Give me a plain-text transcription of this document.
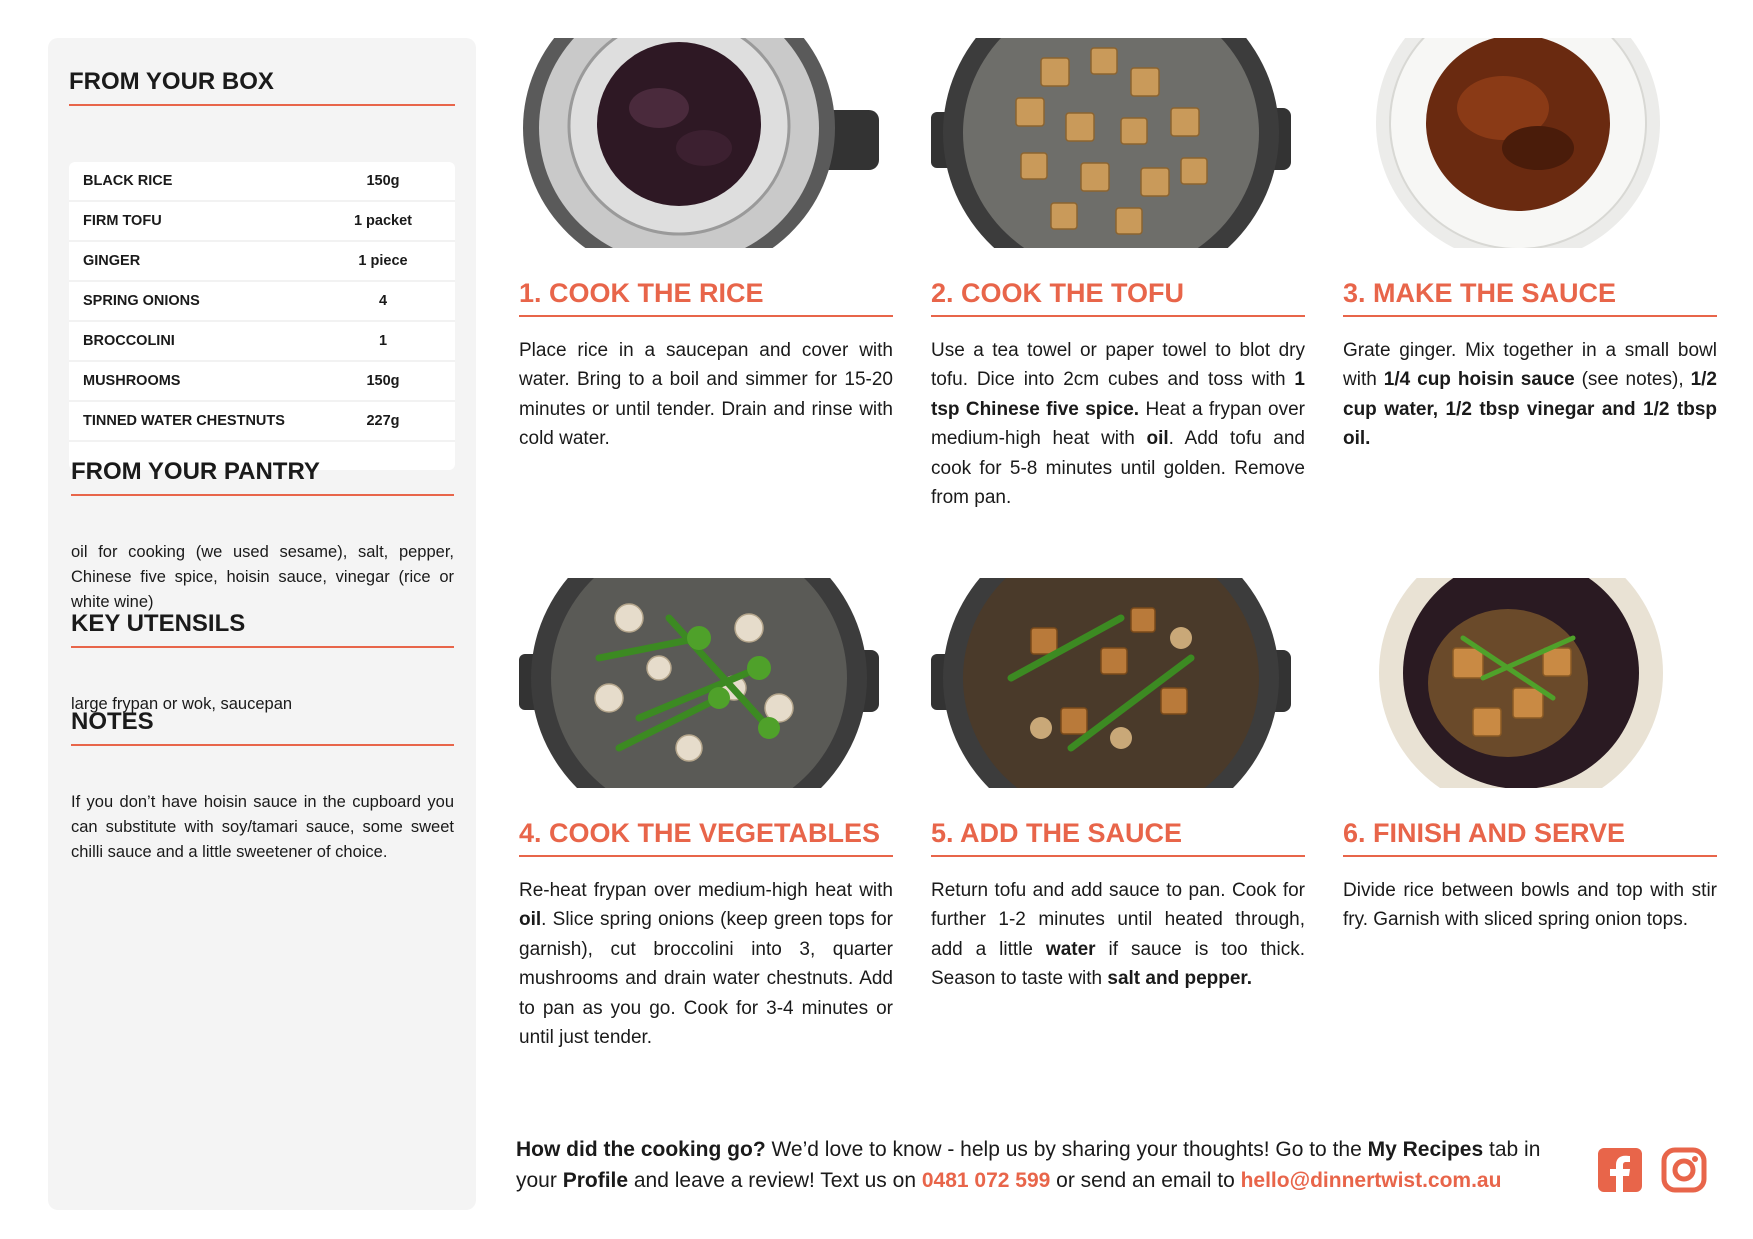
FROM YOUR BOX
BLACK RICE	150g
FIRM TOFU	1 packet
GINGER	1 piece
SPRING ONIONS	4
BROCCOLINI	1
MUSHROOMS	150g
TINNED WATER CHESTNUTS	227g
FROM YOUR PANTRY

oil for cooking (we used sesame), salt, pepper, Chinese five spice, hoisin sauce, vinegar (rice or white wine)

KEY UTENSILS

large frypan or wok, saucepan

NOTES

If you don’t have hoisin sauce in the cupboard you can substitute with soy/tamari sauce, some sweet chilli sauce and a little sweetener of choice.

1. COOK THE RICE

Place rice in a saucepan and cover with water. Bring to a boil and simmer for 15-20 minutes or until tender. Drain and rinse with cold water.

2. COOK THE TOFU

Use a tea towel or paper towel to blot dry tofu. Dice into 2cm cubes and toss with 1 tsp Chinese five spice. Heat a frypan over medium-high heat with oil. Add tofu and cook for 5-8 minutes until golden. Remove from pan.

3. MAKE THE SAUCE

Grate ginger. Mix together in a small bowl with 1/4 cup hoisin sauce (see notes), 1/2 cup water, 1/2 tbsp vinegar and 1/2 tbsp oil.

4. COOK THE VEGETABLES

Re-heat frypan over medium-high heat with oil. Slice spring onions (keep green tops for garnish), cut broccolini into 3, quarter mushrooms and drain water chestnuts. Add to pan as you go. Cook for 3-4 minutes or until just tender.

5. ADD THE SAUCE

Return tofu and add sauce to pan. Cook for further 1-2 minutes until heated through, add a little water if sauce is too thick. Season to taste with salt and pepper.

6. FINISH AND SERVE

Divide rice between bowls and top with stir fry. Garnish with sliced spring onion tops.

How did the cooking go? We’d love to know - help us by sharing your thoughts! Go to the My Recipes tab in your Profile and leave a review! Text us on 0481 072 599 or send an email to hello@dinnertwist.com.au
